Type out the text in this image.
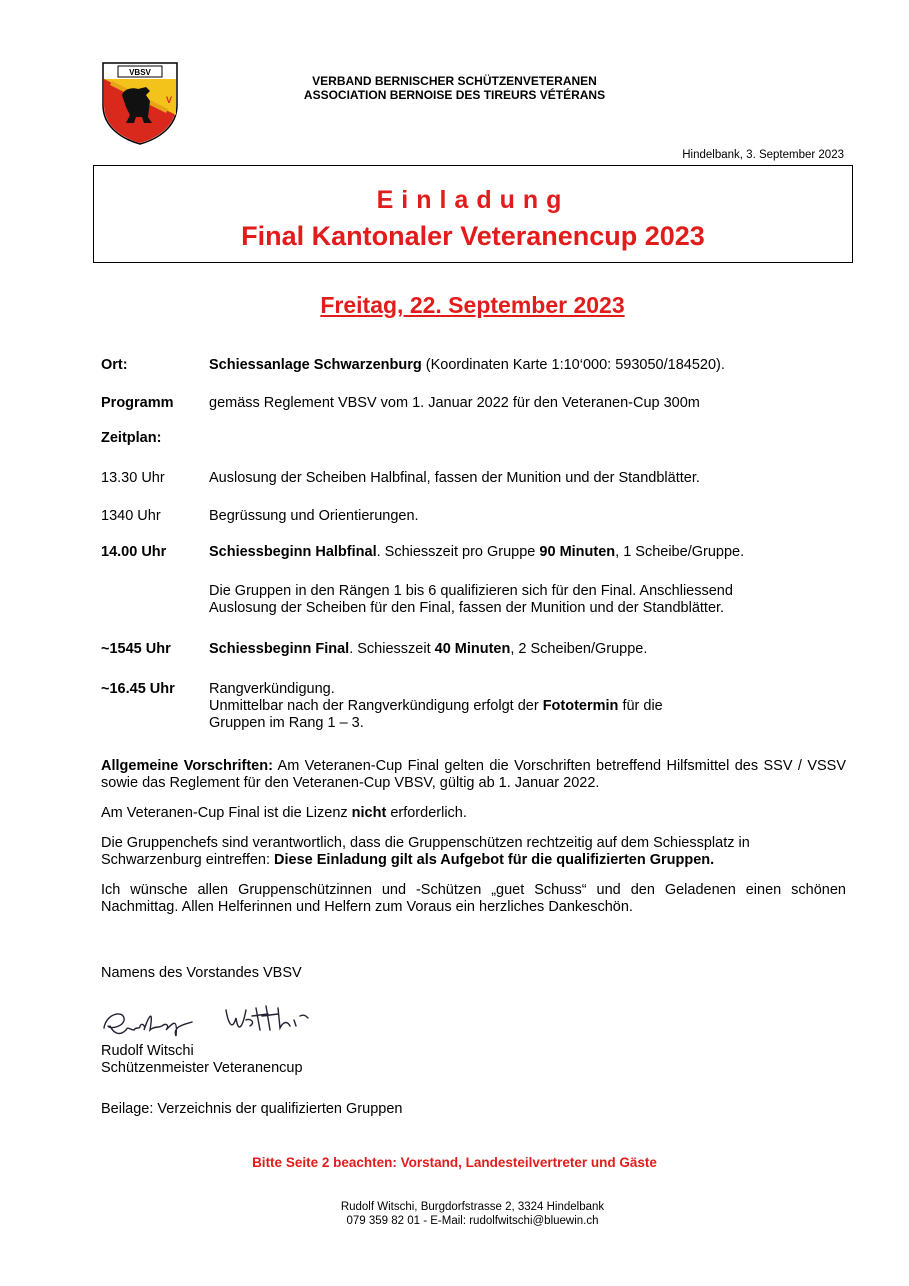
VBSV
V
VERBAND BERNISCHER SCHÜTZENVETERANEN
ASSOCIATION BERNOISE DES TIREURS VÉTÉRANS
Hindelbank, 3. September 2023
Einladung
Final Kantonaler Veteranencup 2023
Freitag, 22. September 2023
Ort:	Schiessanlage Schwarzenburg (Koordinaten Karte 1:10‘000: 593050/184520).
Programm gemäss Reglement VBSV vom 1. Januar 2022 für den Veteranen-Cup 300m
Zeitplan:
13.30 Uhr	Auslosung der Scheiben Halbfinal, fassen der Munition und der Standblätter.
1340 Uhr	Begrüssung und Orientierungen.
14.00 Uhr	Schiessbeginn Halbfinal. Schiesszeit pro Gruppe 90 Minuten, 1 Scheibe/Gruppe.
Die Gruppen in den Rängen 1 bis 6 qualifizieren sich für den Final. Anschliessend
Auslosung der Scheiben für den Final, fassen der Munition und der Standblätter.
~1545 Uhr	Schiessbeginn Final. Schiesszeit 40 Minuten, 2 Scheiben/Gruppe.
~16.45 Uhr Rangverkündigung.
Unmittelbar nach der Rangverkündigung erfolgt der Fototermin für die
Gruppen im Rang 1 – 3.
Allgemeine Vorschriften: Am Veteranen-Cup Final gelten die Vorschriften betreffend Hilfsmittel des SSV / VSSV sowie das Reglement für den Veteranen-Cup VBSV, gültig ab 1. Januar 2022.
Am Veteranen-Cup Final ist die Lizenz nicht erforderlich.
Die Gruppenchefs sind verantwortlich, dass die Gruppenschützen rechtzeitig auf dem Schiessplatz in Schwarzenburg eintreffen: Diese Einladung gilt als Aufgebot für die qualifizierten Gruppen.
Ich wünsche allen Gruppenschützinnen und -Schützen „guet Schuss“ und den Geladenen einen schönen Nachmittag. Allen Helferinnen und Helfern zum Voraus ein herzliches Dankeschön.
Namens des Vorstandes VBSV
Rudolf Witschi
Schützenmeister Veteranencup
Beilage: Verzeichnis der qualifizierten Gruppen
Bitte Seite 2 beachten: Vorstand, Landesteilvertreter und Gäste
Rudolf Witschi, Burgdorfstrasse 2, 3324 Hindelbank
079 359 82 01 - E-Mail: rudolfwitschi@bluewin.ch
